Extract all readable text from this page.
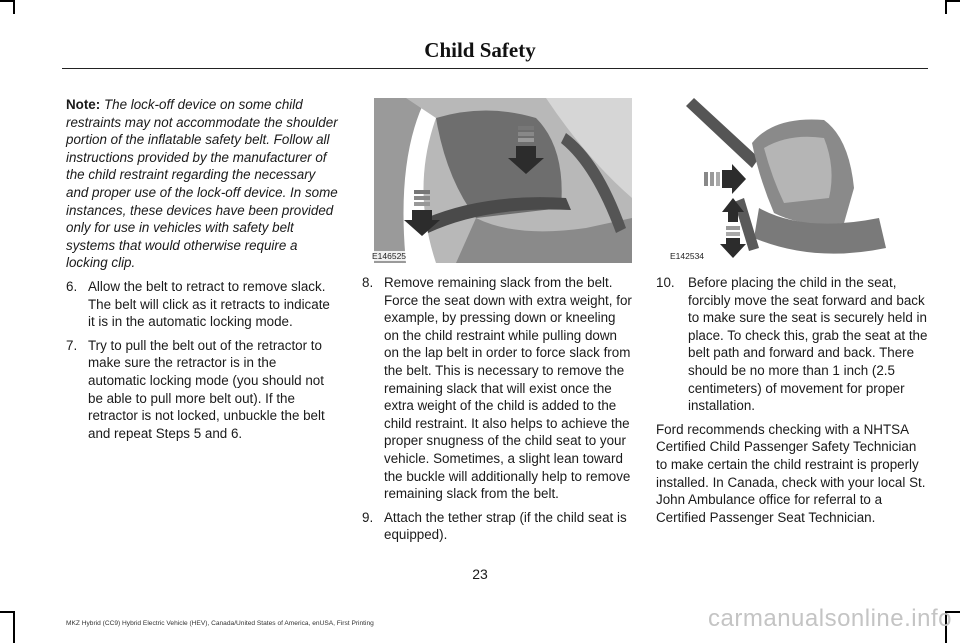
Child Safety

Note: The lock-off device on some child restraints may not accommodate the shoulder portion of the inflatable safety belt. Follow all instructions provided by the manufacturer of the child restraint regarding the necessary and proper use of the lock-off device. In some instances, these devices have been provided only for use in vehicles with safety belt systems that would otherwise require a locking clip.

6. Allow the belt to retract to remove slack. The belt will click as it retracts to indicate it is in the automatic locking mode.
7. Try to pull the belt out of the retractor to make sure the retractor is in the automatic locking mode (you should not be able to pull more belt out). If the retractor is not locked, unbuckle the belt and repeat Steps 5 and 6.
E146525	E142534
8. Remove remaining slack from the belt. Force the seat down with extra weight, for example, by pressing down or kneeling on the child restraint while pulling down on the lap belt in order to force slack from the belt. This is necessary to remove the remaining slack that will exist once the extra weight of the child is added to the child restraint. It also helps to achieve the proper snugness of the child seat to your vehicle. Sometimes, a slight lean toward the buckle will additionally help to remove remaining slack from the belt.
9. Attach the tether strap (if the child seat is equipped).
10. Before placing the child in the seat, forcibly move the seat forward and back to make sure the seat is securely held in place. To check this, grab the seat at the belt path and forward and back. There should be no more than 1 inch (2.5 centimeters) of movement for proper installation.

Ford recommends checking with a NHTSA Certified Child Passenger Safety Technician to make certain the child restraint is properly installed. In Canada, check with your local St. John Ambulance office for referral to a Certified Passenger Seat Technician.

23
MKZ Hybrid (CC9) Hybrid Electric Vehicle (HEV), Canada/United States of America, enUSA, First Printing	carmanualsonline.info
